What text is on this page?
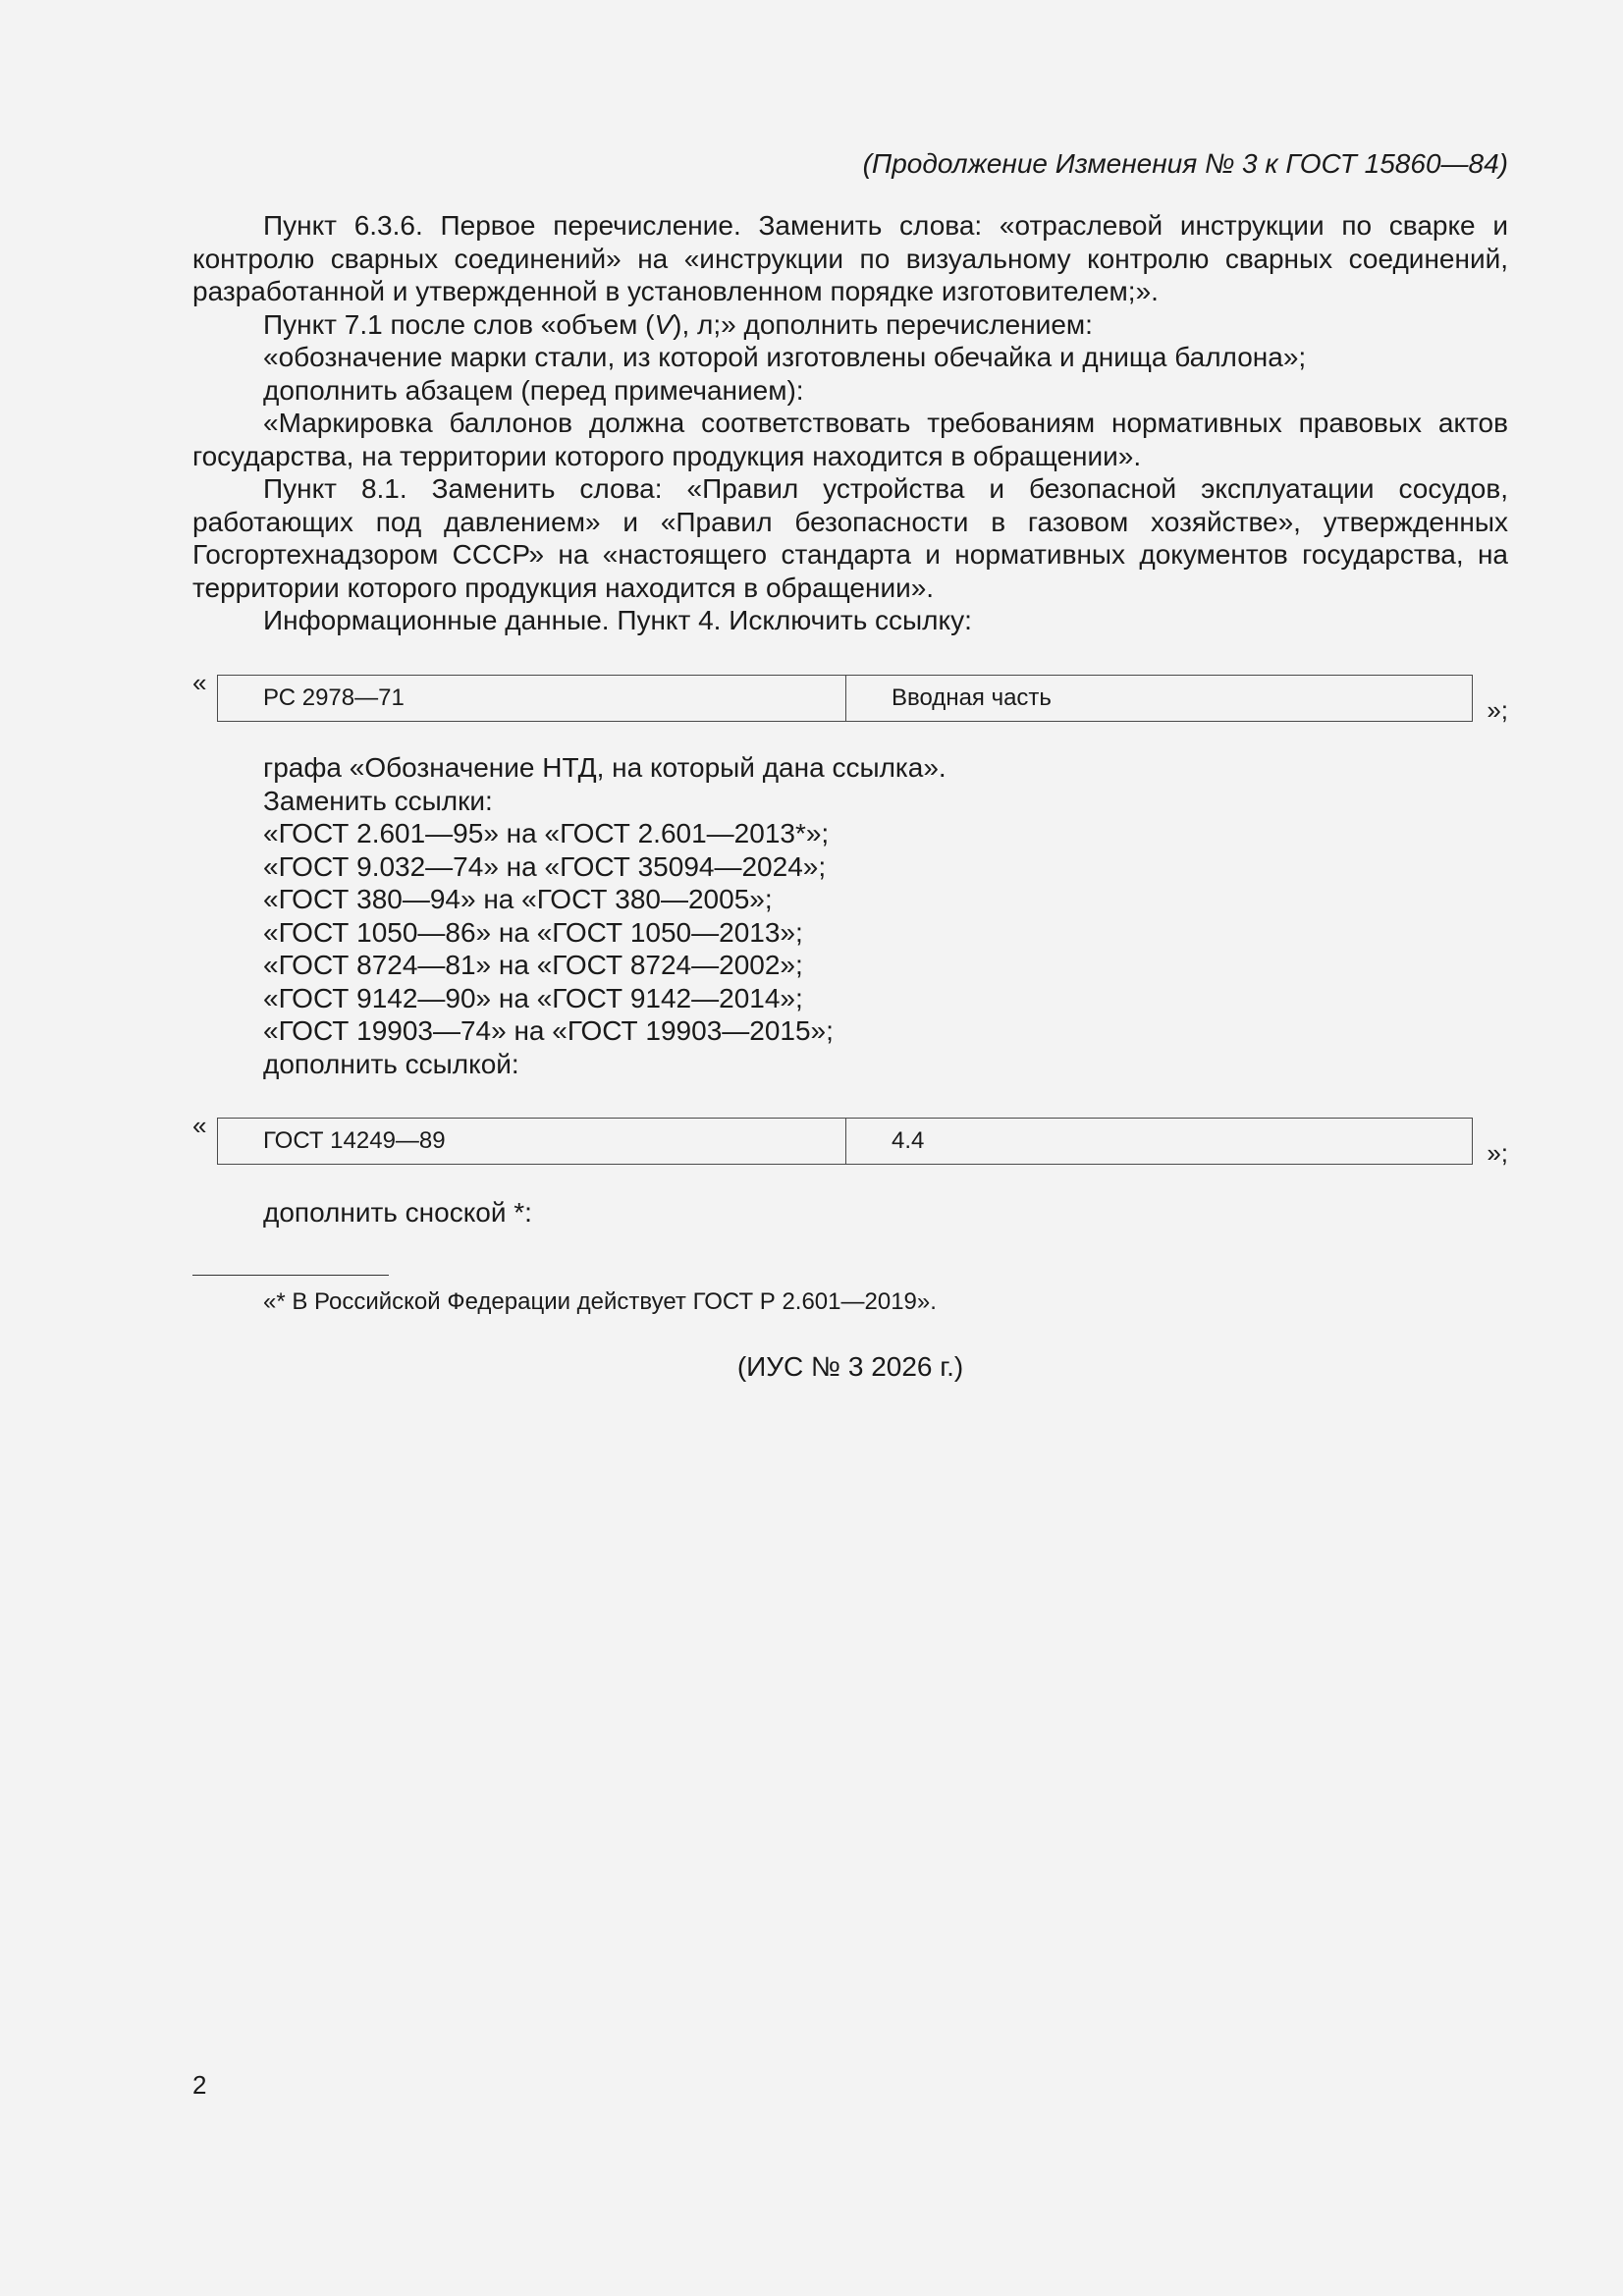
(Продолжение Изменения № 3 к ГОСТ 15860—84)

Пункт 6.3.6. Первое перечисление. Заменить слова: «отраслевой инструкции по сварке и контролю сварных соединений» на «инструкции по визуальному контролю сварных соединений, разработанной и утвержденной в установленном порядке изготовителем;».

Пункт 7.1 после слов «объем (V), л;» дополнить перечислением:

«обозначение марки стали, из которой изготовлены обечайка и днища баллона»;

дополнить абзацем (перед примечанием):

«Маркировка баллонов должна соответствовать требованиям нормативных правовых актов государства, на территории которого продукция находится в обращении».

Пункт 8.1. Заменить слова: «Правил устройства и безопасной эксплуатации сосудов, работающих под давлением» и «Правил безопасности в газовом хозяйстве», утвержденных Госгортехнадзором СССР» на «настоящего стандарта и нормативных документов государства, на территории которого продукция находится в обращении».

Информационные данные. Пункт 4. Исключить ссылку:

«
РС 2978—71	Вводная часть	»;

графа «Обозначение НТД, на который дана ссылка».

Заменить ссылки:

«ГОСТ 2.601—95» на «ГОСТ 2.601—2013*»;

«ГОСТ 9.032—74» на «ГОСТ 35094—2024»;

«ГОСТ 380—94» на «ГОСТ 380—2005»;

«ГОСТ 1050—86» на «ГОСТ 1050—2013»;

«ГОСТ 8724—81» на «ГОСТ 8724—2002»;

«ГОСТ 9142—90» на «ГОСТ 9142—2014»;

«ГОСТ 19903—74» на «ГОСТ 19903—2015»;

дополнить ссылкой:

«
ГОСТ 14249—89	4.4	»;

дополнить сноской *:

«* В Российской Федерации действует ГОСТ Р 2.601—2019».
(ИУС № 3 2026 г.)
2
